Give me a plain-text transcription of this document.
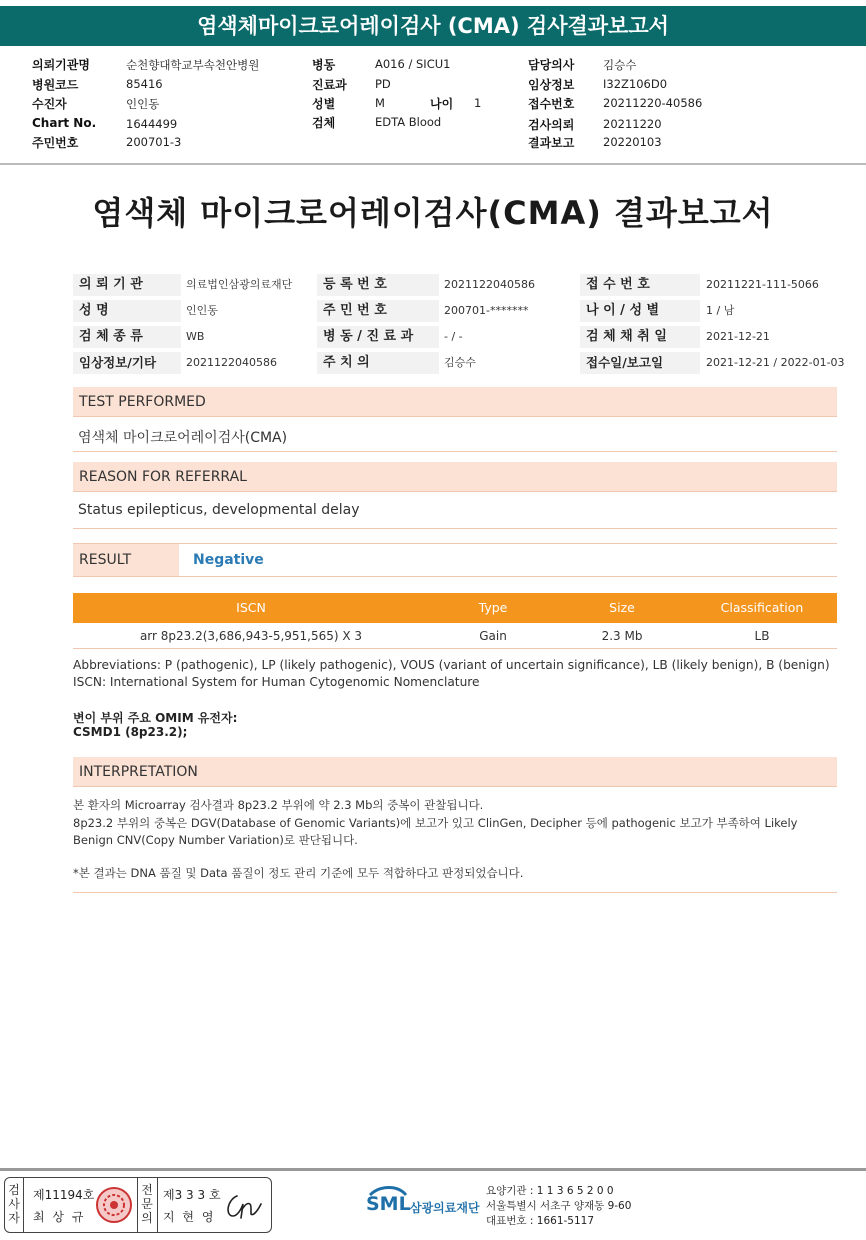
염색체마이크로어레이검사 (CMA) 검사결과보고서
의뢰기관명	순천향대학교부속천안병원
병원코드	85416
수진자	인인동
Chart No.	1644499
주민번호	200701-3
병동	A016 / SICU1
진료과 PD
성별	M	나이 1
검체	EDTA Blood
담당의사 김승수
임상정보 I32Z106D0
접수번호 20211220-40586
검사의뢰 20211220
결과보고 20220103
염색체 마이크로어레이검사(CMA) 결과보고서
의 뢰 기 관	의료법인삼광의료재단	등 록 번 호	2021122040586	접 수 번 호	20211221-111-5066
성 명	인인동	주 민 번 호	200701-*******	나 이 / 성 별	1 / 남
검 체 종 류	WB	병 동 / 진 료 과	- / -	검 체 채 취 일	2021-12-21
임상정보/기타	2021122040586	주 치 의	김승수	접수일/보고일	2021-12-21 / 2022-01-03
TEST PERFORMED
염색체 마이크로어레이검사(CMA)
REASON FOR REFERRAL
Status epilepticus, developmental delay
RESULT	Negative
ISCN	Type	Size	Classification
arr 8p23.2(3,686,943-5,951,565) X 3	Gain	2.3 Mb	LB
Abbreviations: P (pathogenic), LP (likely pathogenic), VOUS (variant of uncertain significance), LB (likely benign), B (benign)
ISCN: International System for Human Cytogenomic Nomenclature
변이 부위 주요 OMIM 유전자:
CSMD1 (8p23.2);
INTERPRETATION
본 환자의 Microarray 검사결과 8p23.2 부위에 약 2.3 Mb의 중복이 관찰됩니다.
8p23.2 부위의 중복은 DGV(Database of Genomic Variants)에 보고가 있고 ClinGen, Decipher 등에 pathogenic 보고가 부족하여 Likely
Benign CNV(Copy Number Variation)로 판단됩니다.
*본 결과는 DNA 품질 및 Data 품질이 정도 관리 기준에 모두 적합하다고 판정되었습니다.
검사자
제11194호
최 상 규
전문의
제3 3 3 호
지 현 영
SML 삼광의료재단
요양기관 : 1 1 3 6 5 2 0 0
서울특별시 서초구 양재동 9-60
대표번호 : 1661-5117
